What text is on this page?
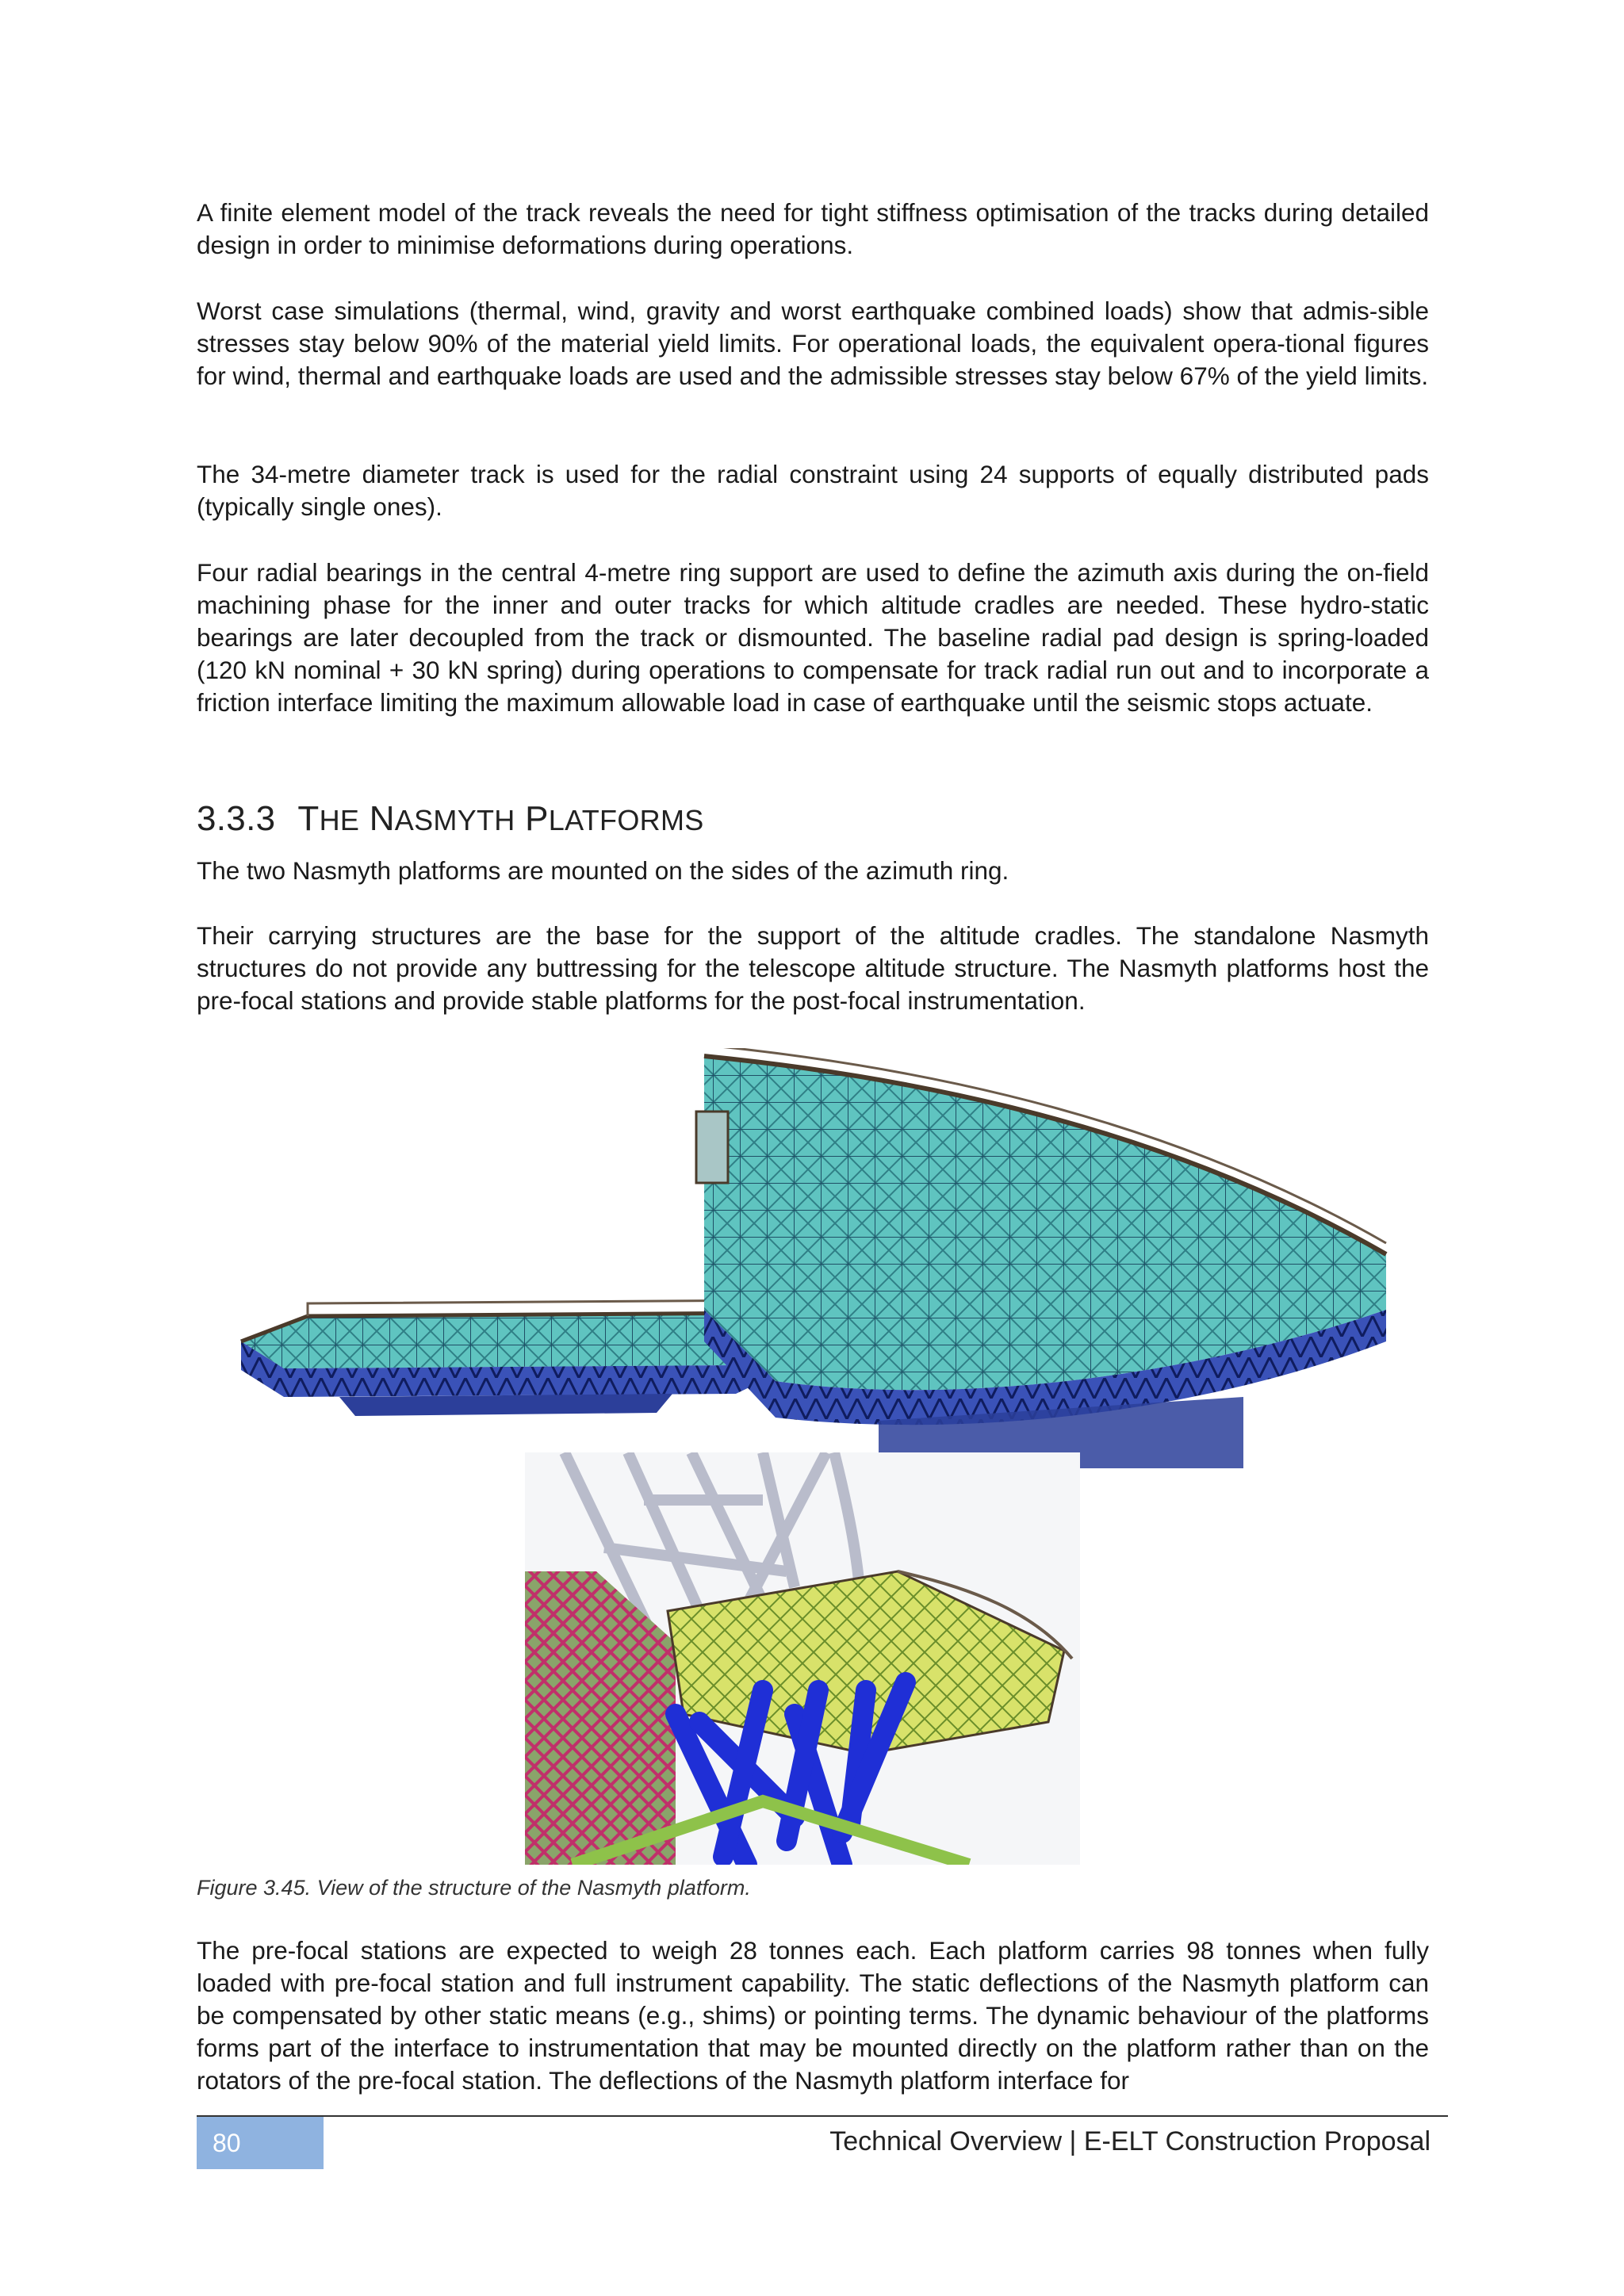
A finite element model of the track reveals the need for tight stiffness optimisation of the tracks during detailed design in order to minimise deformations during operations.

Worst case simulations (thermal, wind, gravity and worst earthquake combined loads) show that admis-sible stresses stay below 90% of the material yield limits. For operational loads, the equivalent opera-tional figures for wind, thermal and earthquake loads are used and the admissible stresses stay below 67% of the yield limits.

The 34-metre diameter track is used for the radial constraint using 24 supports of equally distributed pads (typically single ones).

Four radial bearings in the central 4-metre ring support are used to define the azimuth axis during the on-field machining phase for the inner and outer tracks for which altitude cradles are needed. These hydro-static bearings are later decoupled from the track or dismounted. The baseline radial pad design is spring-loaded (120 kN nominal + 30 kN spring) during operations to compensate for track radial run out and to incorporate a friction interface limiting the maximum allowable load in case of earthquake until the seismic stops actuate.

3.3.3 THE NASMYTH PLATFORMS

The two Nasmyth platforms are mounted on the sides of the azimuth ring.

Their carrying structures are the base for the support of the altitude cradles. The standalone Nasmyth structures do not provide any buttressing for the telescope altitude structure. The Nasmyth platforms host the pre-focal stations and provide stable platforms for the post-focal instrumentation.

Figure 3.45. View of the structure of the Nasmyth platform.

The pre-focal stations are expected to weigh 28 tonnes each. Each platform carries 98 tonnes when fully loaded with pre-focal station and full instrument capability. The static deflections of the Nasmyth platform can be compensated by other static means (e.g., shims) or pointing terms. The dynamic behaviour of the platforms forms part of the interface to instrumentation that may be mounted directly on the platform rather than on the rotators of the pre-focal station. The deflections of the Nasmyth platform interface for

80	Technical Overview | E-ELT Construction Proposal
